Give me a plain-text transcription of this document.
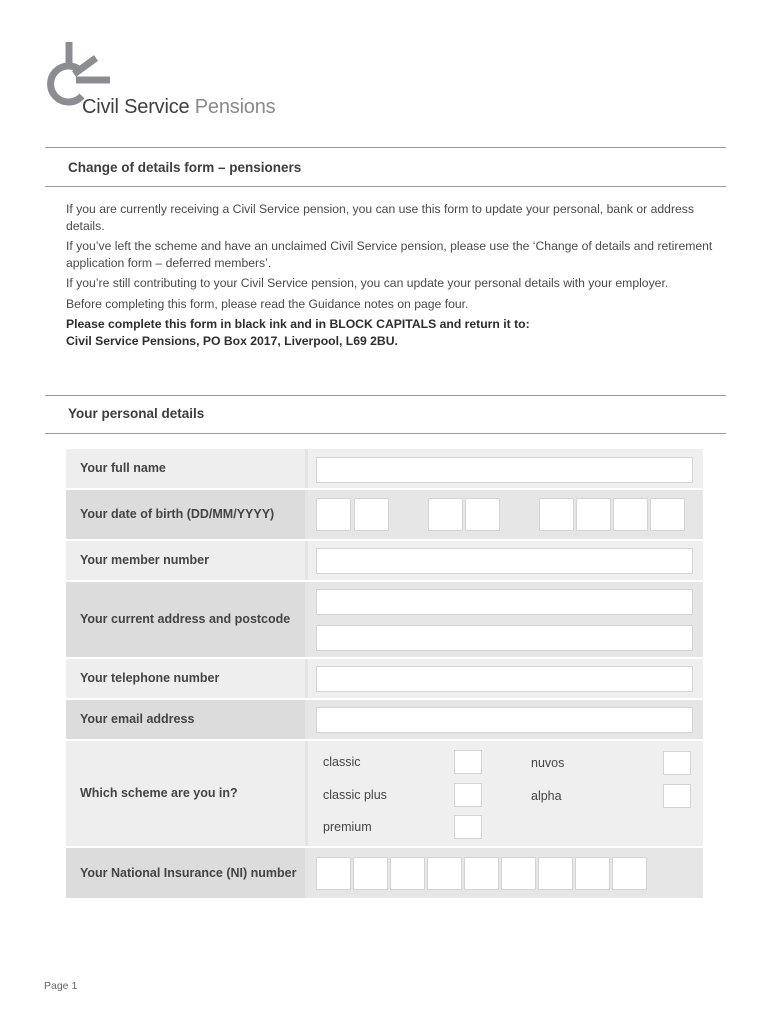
Civil Service Pensions
Change of details form – pensioners

If you are currently receiving a Civil Service pension, you can use this form to update your personal, bank or address details.

If you’ve left the scheme and have an unclaimed Civil Service pension, please use the ‘Change of details and retirement application form – deferred members’.

If you’re still contributing to your Civil Service pension, you can update your personal details with your employer.

Before completing this form, please read the Guidance notes on page four.

Please complete this form in black ink and in BLOCK CAPITALS and return it to:

Civil Service Pensions, PO Box 2017, Liverpool, L69 2BU.

Your personal details
Your full name
Your date of birth (DD/MM/YYYY)
Your member number
Your current address and postcode
Your telephone number
Your email address
Which scheme are you in?
classic	nuvos
classic plus	alpha
premium
Your National Insurance (NI) number
Page 1
